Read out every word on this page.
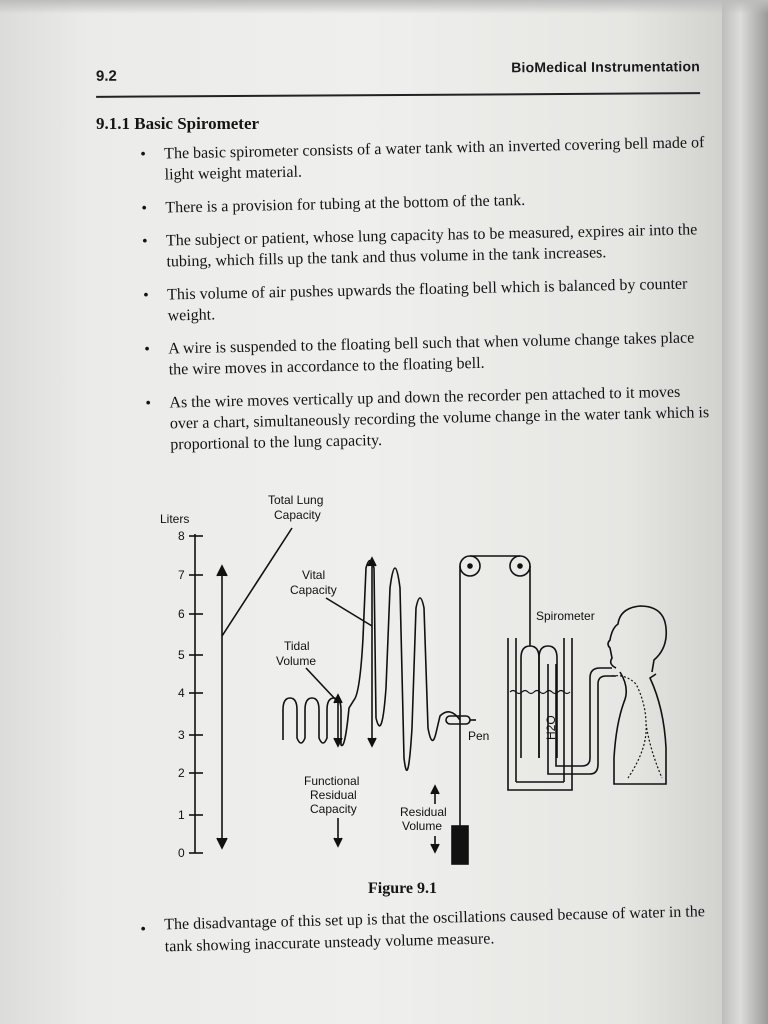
9.2
BioMedical Instrumentation
9.1.1 Basic Spirometer
• The basic spirometer consists of a water tank with an inverted covering bell made of light weight material.
• There is a provision for tubing at the bottom of the tank.
• The subject or patient, whose lung capacity has to be measured, expires air into the tubing, which fills up the tank and thus volume in the tank increases.
• This volume of air pushes upwards the floating bell which is balanced by counter weight.
• A wire is suspended to the floating bell such that when volume change takes place the wire moves in accordance to the floating bell.
• As the wire moves vertically up and down the recorder pen attached to it moves over a chart, simultaneously recording the volume change in the water tank which is proportional to the lung capacity.
0
1
2
3
4
5
6
7
8
Liters
Total Lung
Capacity
Vital
Capacity
Tidal
Volume
Functional
Residual
Capacity	Residual
Volume
Spirometer
Pen	H2O
Figure 9.1
• The disadvantage of this set up is that the oscillations caused because of water in the tank showing inaccurate unsteady volume measure.
